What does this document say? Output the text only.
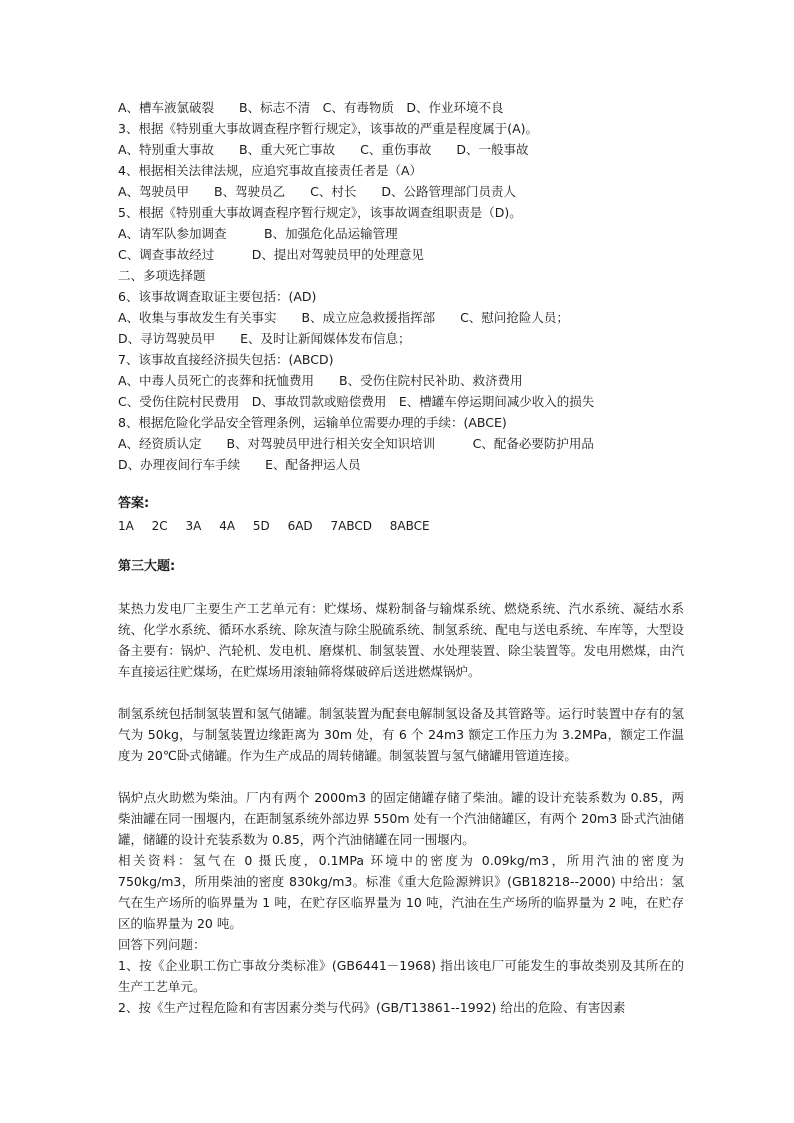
A、槽车液氯破裂　　B、标志不清　C、有毒物质　D、作业环境不良
3、根据《特别重大事故调查程序暂行规定》，该事故的严重是程度属于(A)。
A、特别重大事故　　B、重大死亡事故　　C、重伤事故　　D、一般事故
4、根据相关法律法规，应追究事故直接责任者是（A）
A、驾驶员甲　　B、驾驶员乙　　C、村长　　D、公路管理部门员责人
5、根据《特别重大事故调查程序暂行规定》，该事故调查组职责是（D)。
A、请军队参加调查　　　B、加强危化品运输管理
C、调查事故经过　　　D、提出对驾驶员甲的处理意见
二、多项选择题
6、该事故调查取证主要包括：(AD)
A、收集与事故发生有关事实　　B、成立应急救援指挥部　　C、慰问抢险人员；
D、寻访驾驶员甲　　E、及时让新闻媒体发布信息；
7、该事故直接经济损失包括：(ABCD)
A、中毒人员死亡的丧葬和抚恤费用　　B、受伤住院村民补助、救济费用
C、受伤住院村民费用　D、事故罚款或赔偿费用　E、槽罐车停运期间减少收入的损失
8、根据危险化学品安全管理条例，运输单位需要办理的手续：(ABCE)
A、经资质认定　　B、对驾驶员甲进行相关安全知识培训　　　C、配备必要防护用品
D、办理夜间行车手续　　E、配备押运人员
答案:
1A 2C 3A 4A 5D 6AD 7ABCD 8ABCE
第三大题:
某热力发电厂主要生产工艺单元有：贮煤场、煤粉制备与输煤系统、燃烧系统、汽水系统、凝结水系统、化学水系统、循环水系统、除灰渣与除尘脱硫系统、制氢系统、配电与送电系统、车库等，大型设备主要有：锅炉、汽轮机、发电机、磨煤机、制氢装置、水处理装置、除尘装置等。发电用燃煤，由汽车直接运往贮煤场，在贮煤场用滚轴筛将煤破碎后送进燃煤锅炉。
制氢系统包括制氢装置和氢气储罐。制氢装置为配套电解制氢设备及其管路等。运行时装置中存有的氢气为 50kg，与制氢装置边缘距离为 30m 处，有 6 个 24m3 额定工作压力为 3.2MPa，额定工作温度为 20℃卧式储罐。作为生产成品的周转储罐。制氢装置与氢气储罐用管道连接。
锅炉点火助燃为柴油。厂内有两个 2000m3 的固定储罐存储了柴油。罐的设计充装系数为 0.85，两柴油罐在同一围堰内，在距制氢系统外部边界 550m 处有一个汽油储罐区，有两个 20m3 卧式汽油储罐，储罐的设计充装系数为 0.85，两个汽油储罐在同一围堰内。
相关资料：氢气在 0 摄氏度，0.1MPa 环境中的密度为 0.09kg/m3，所用汽油的密度为 750kg/m3，所用柴油的密度 830kg/m3。标准《重大危险源辨识》(GB18218--2000) 中给出：氢气在生产场所的临界量为 1 吨，在贮存区临界量为 10 吨，汽油在生产场所的临界量为 2 吨，在贮存区的临界量为 20 吨。
回答下列问题：
1、按《企业职工伤亡事故分类标准》(GB6441－1968) 指出该电厂可能发生的事故类别及其所在的生产工艺单元。
2、按《生产过程危险和有害因素分类与代码》(GB/T13861--1992) 给出的危险、有害因素
